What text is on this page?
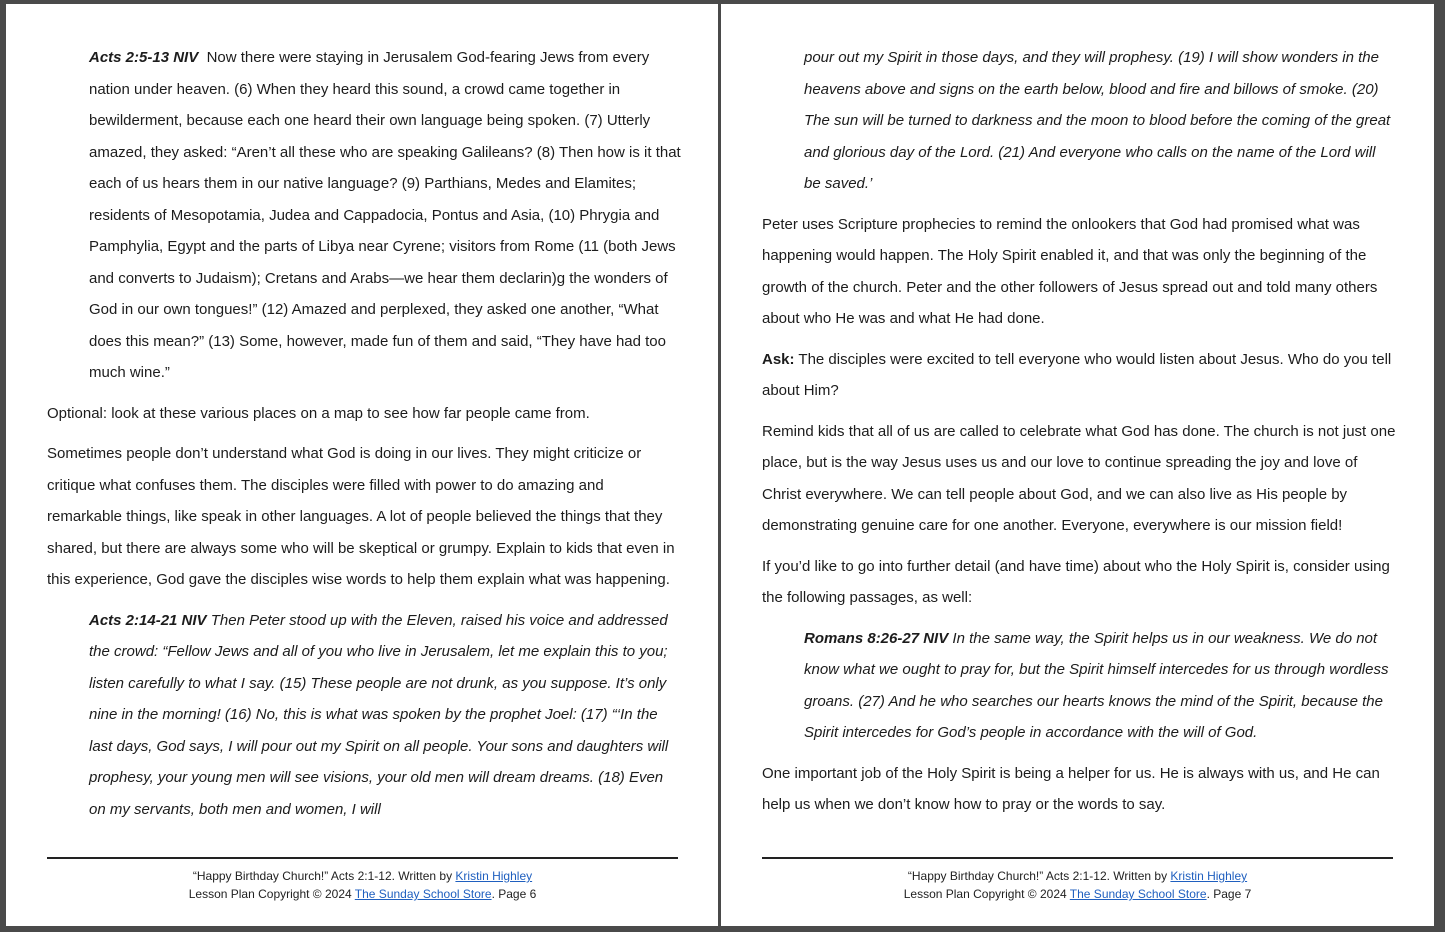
Acts 2:5-13 NIV Now there were staying in Jerusalem God-fearing Jews from every nation under heaven. (6) When they heard this sound, a crowd came together in bewilderment, because each one heard their own language being spoken. (7) Utterly amazed, they asked: “Aren’t all these who are speaking Galileans? (8) Then how is it that each of us hears them in our native language? (9) Parthians, Medes and Elamites; residents of Mesopotamia, Judea and Cappadocia, Pontus and Asia, (10) Phrygia and Pamphylia, Egypt and the parts of Libya near Cyrene; visitors from Rome (11 (both Jews and converts to Judaism); Cretans and Arabs—we hear them declarin)g the wonders of God in our own tongues!” (12) Amazed and perplexed, they asked one another, “What does this mean?” (13) Some, however, made fun of them and said, “They have had too much wine.”

Optional: look at these various places on a map to see how far people came from.

Sometimes people don’t understand what God is doing in our lives. They might criticize or critique what confuses them. The disciples were filled with power to do amazing and remarkable things, like speak in other languages. A lot of people believed the things that they shared, but there are always some who will be skeptical or grumpy. Explain to kids that even in this experience, God gave the disciples wise words to help them explain what was happening.

Acts 2:14-21 NIV Then Peter stood up with the Eleven, raised his voice and addressed the crowd: “Fellow Jews and all of you who live in Jerusalem, let me explain this to you; listen carefully to what I say. (15) These people are not drunk, as you suppose. It’s only nine in the morning! (16) No, this is what was spoken by the prophet Joel: (17) “‘In the last days, God says, I will pour out my Spirit on all people. Your sons and daughters will prophesy, your young men will see visions, your old men will dream dreams. (18) Even on my servants, both men and women, I will

“Happy Birthday Church!” Acts 2:1-12. Written by Kristin Highley
Lesson Plan Copyright © 2024 The Sunday School Store. Page 6

pour out my Spirit in those days, and they will prophesy. (19) I will show wonders in the heavens above and signs on the earth below, blood and fire and billows of smoke. (20) The sun will be turned to darkness and the moon to blood before the coming of the great and glorious day of the Lord. (21) And everyone who calls on the name of the Lord will be saved.’

Peter uses Scripture prophecies to remind the onlookers that God had promised what was happening would happen. The Holy Spirit enabled it, and that was only the beginning of the growth of the church. Peter and the other followers of Jesus spread out and told many others about who He was and what He had done.

Ask: The disciples were excited to tell everyone who would listen about Jesus. Who do you tell about Him?

Remind kids that all of us are called to celebrate what God has done. The church is not just one place, but is the way Jesus uses us and our love to continue spreading the joy and love of Christ everywhere. We can tell people about God, and we can also live as His people by demonstrating genuine care for one another. Everyone, everywhere is our mission field!

If you’d like to go into further detail (and have time) about who the Holy Spirit is, consider using the following passages, as well:

Romans 8:26-27 NIV In the same way, the Spirit helps us in our weakness. We do not know what we ought to pray for, but the Spirit himself intercedes for us through wordless groans. (27) And he who searches our hearts knows the mind of the Spirit, because the Spirit intercedes for God’s people in accordance with the will of God.

One important job of the Holy Spirit is being a helper for us. He is always with us, and He can help us when we don’t know how to pray or the words to say.

“Happy Birthday Church!” Acts 2:1-12. Written by Kristin Highley
Lesson Plan Copyright © 2024 The Sunday School Store. Page 7
